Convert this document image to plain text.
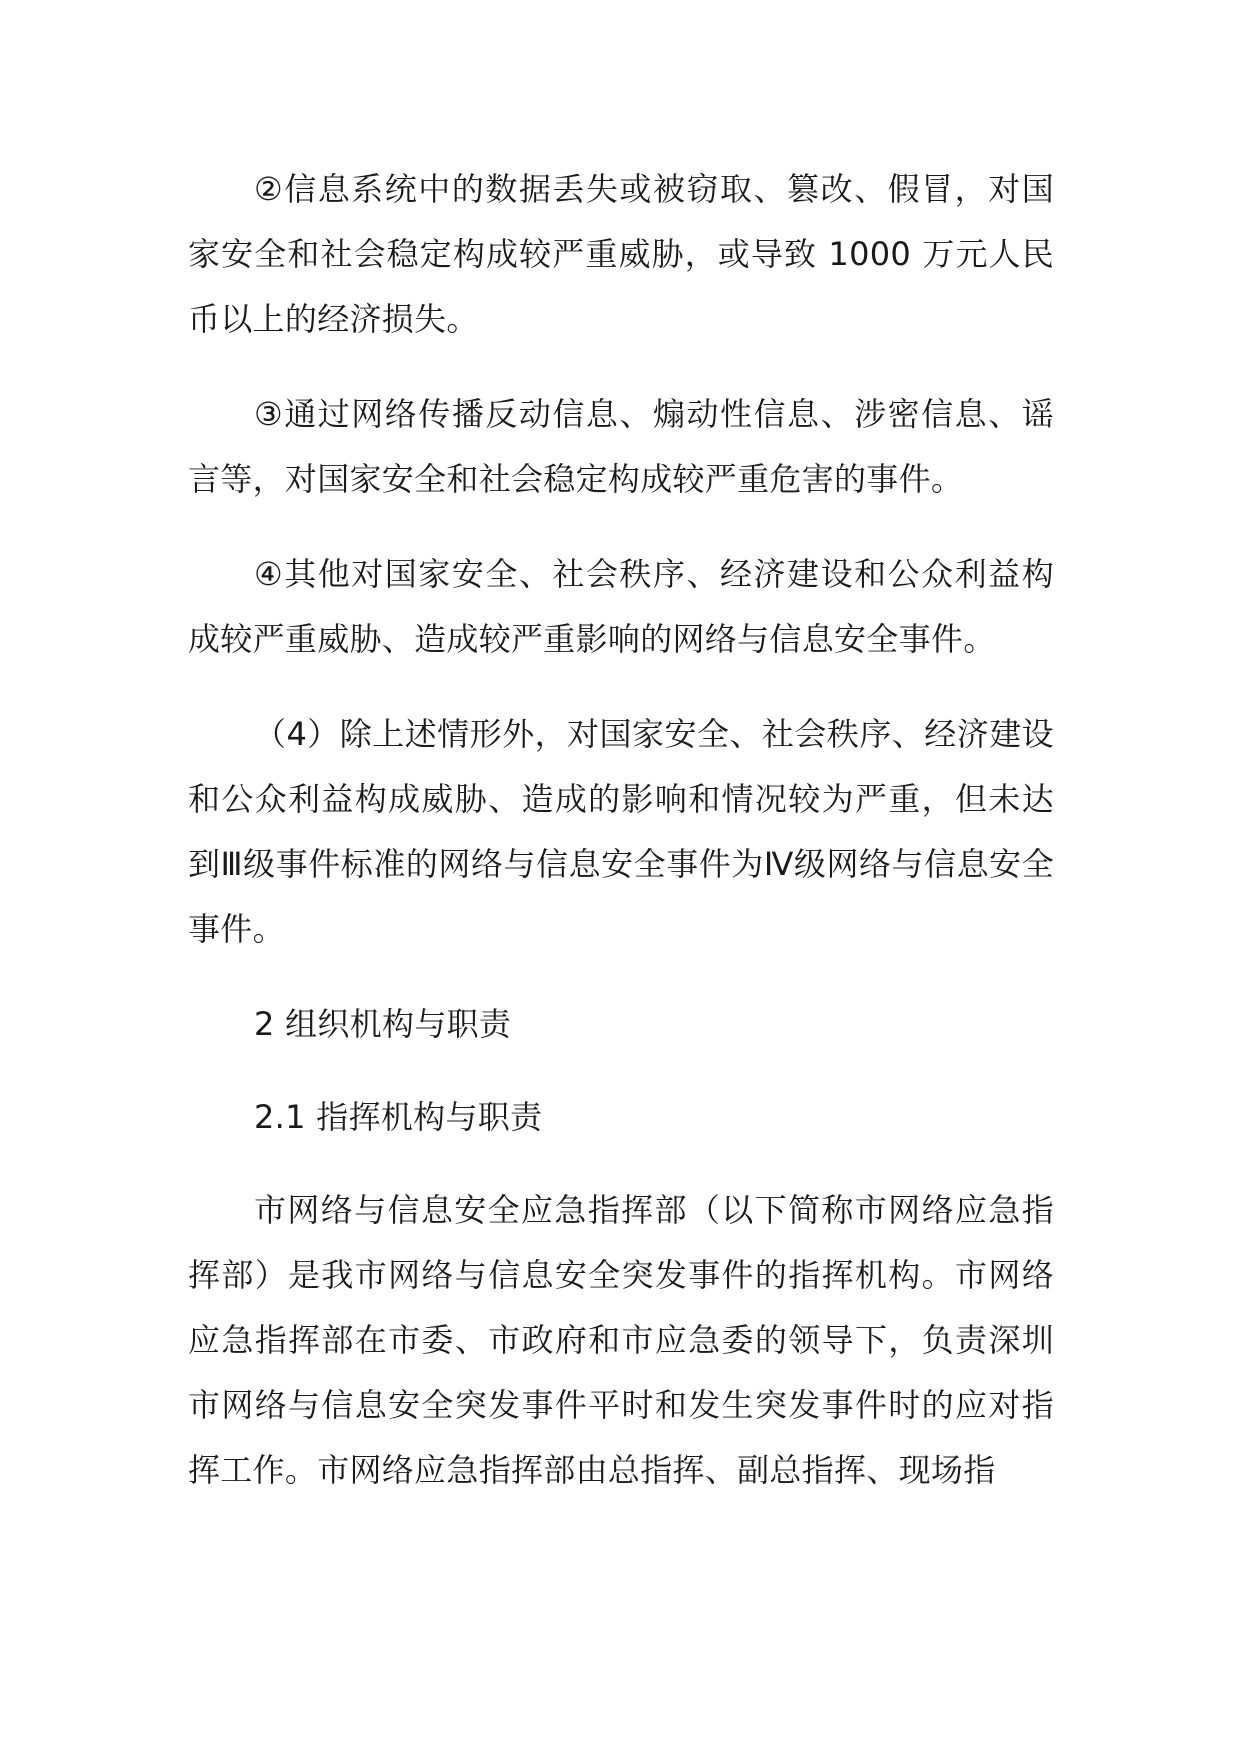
②信息系统中的数据丢失或被窃取、篡改、假冒，对国家安全和社会稳定构成较严重威胁，或导致 1000 万元人民币以上的经济损失。

③通过网络传播反动信息、煽动性信息、涉密信息、谣言等，对国家安全和社会稳定构成较严重危害的事件。

④其他对国家安全、社会秩序、经济建设和公众利益构成较严重威胁、造成较严重影响的网络与信息安全事件。

（4）除上述情形外，对国家安全、社会秩序、经济建设和公众利益构成威胁、造成的影响和情况较为严重，但未达到Ⅲ级事件标准的网络与信息安全事件为Ⅳ级网络与信息安全事件。

2 组织机构与职责

2.1 指挥机构与职责

市网络与信息安全应急指挥部（以下简称市网络应急指挥部）是我市网络与信息安全突发事件的指挥机构。市网络应急指挥部在市委、市政府和市应急委的领导下，负责深圳市网络与信息安全突发事件平时和发生突发事件时的应对指挥工作。市网络应急指挥部由总指挥、副总指挥、现场指
